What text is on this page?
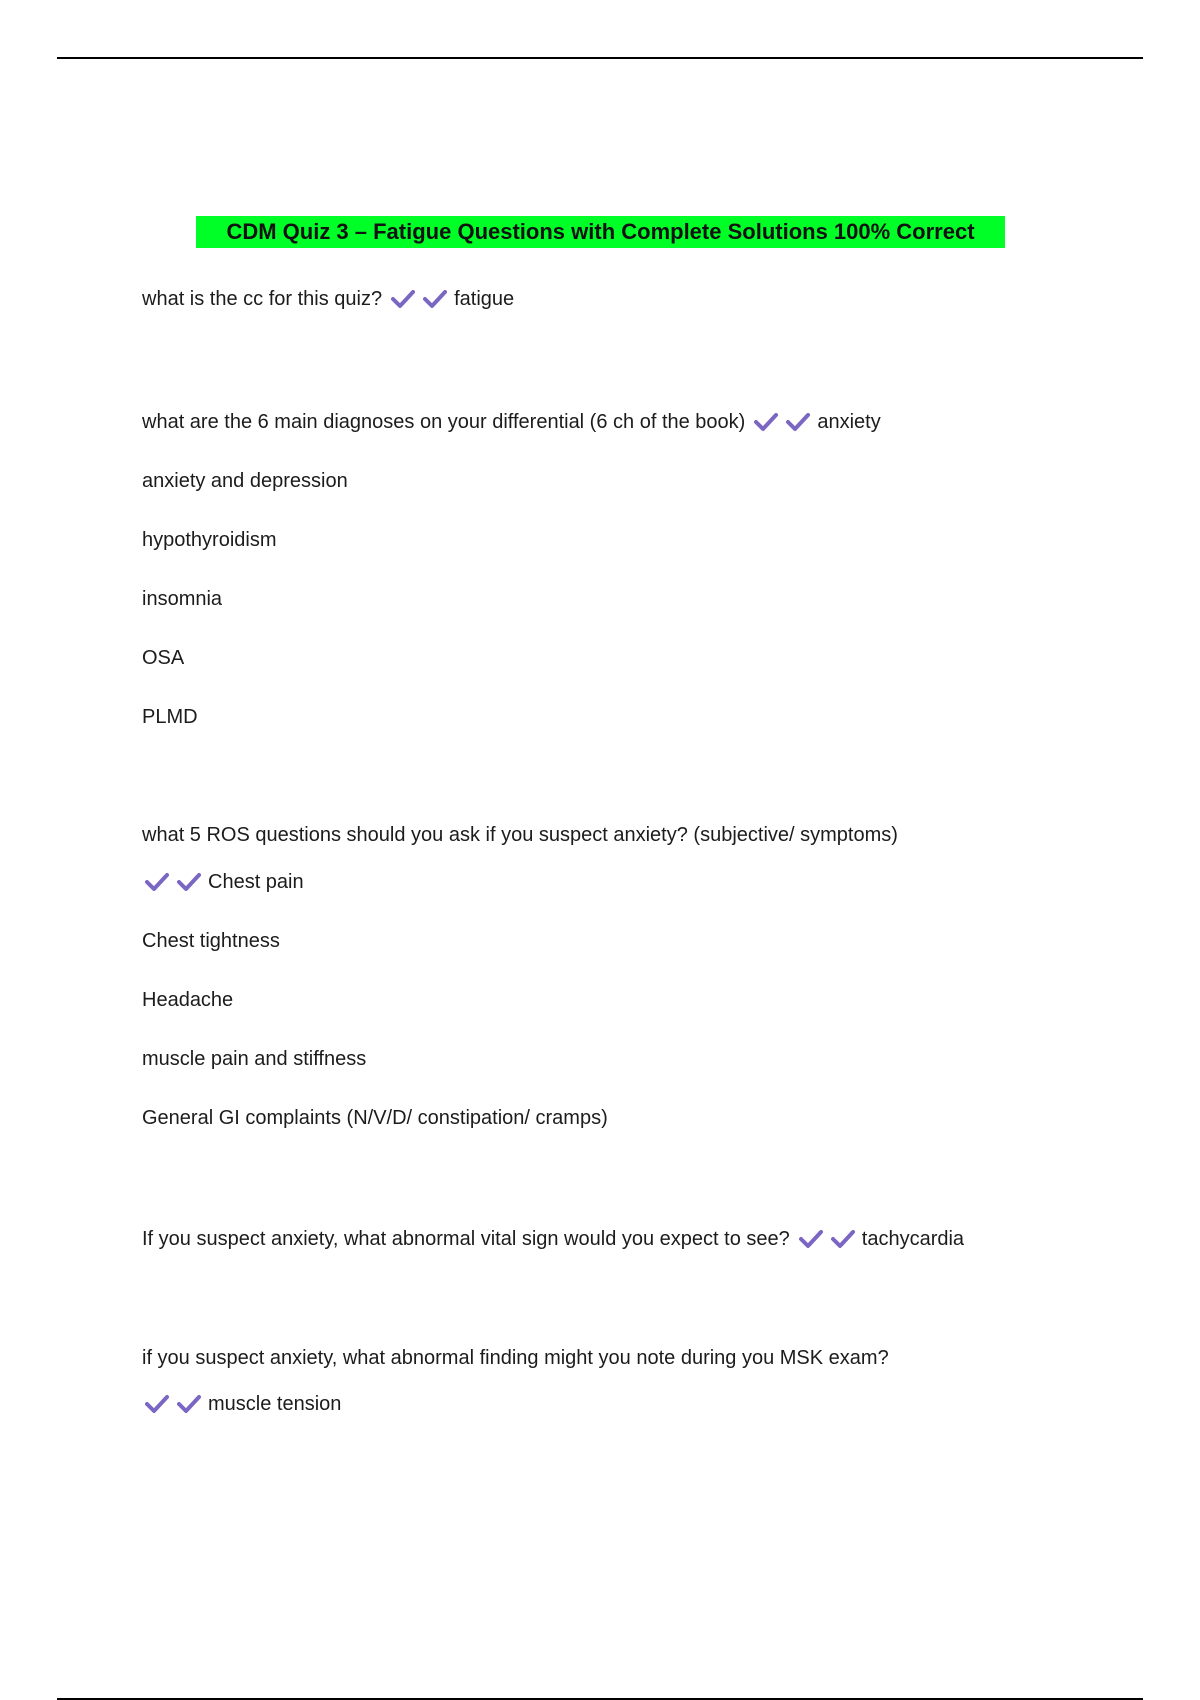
CDM Quiz 3 – Fatigue Questions with Complete Solutions 100% Correct
what is the cc for this quiz?	fatigue
what are the 6 main diagnoses on your differential (6 ch of the book)	anxiety
anxiety and depression
hypothyroidism
insomnia
OSA
PLMD
what 5 ROS questions should you ask if you suspect anxiety? (subjective/ symptoms)
Chest pain
Chest tightness
Headache
muscle pain and stiffness
General GI complaints (N/V/D/ constipation/ cramps)
If you suspect anxiety, what abnormal vital sign would you expect to see?	tachycardia
if you suspect anxiety, what abnormal finding might you note during you MSK exam?
muscle tension
